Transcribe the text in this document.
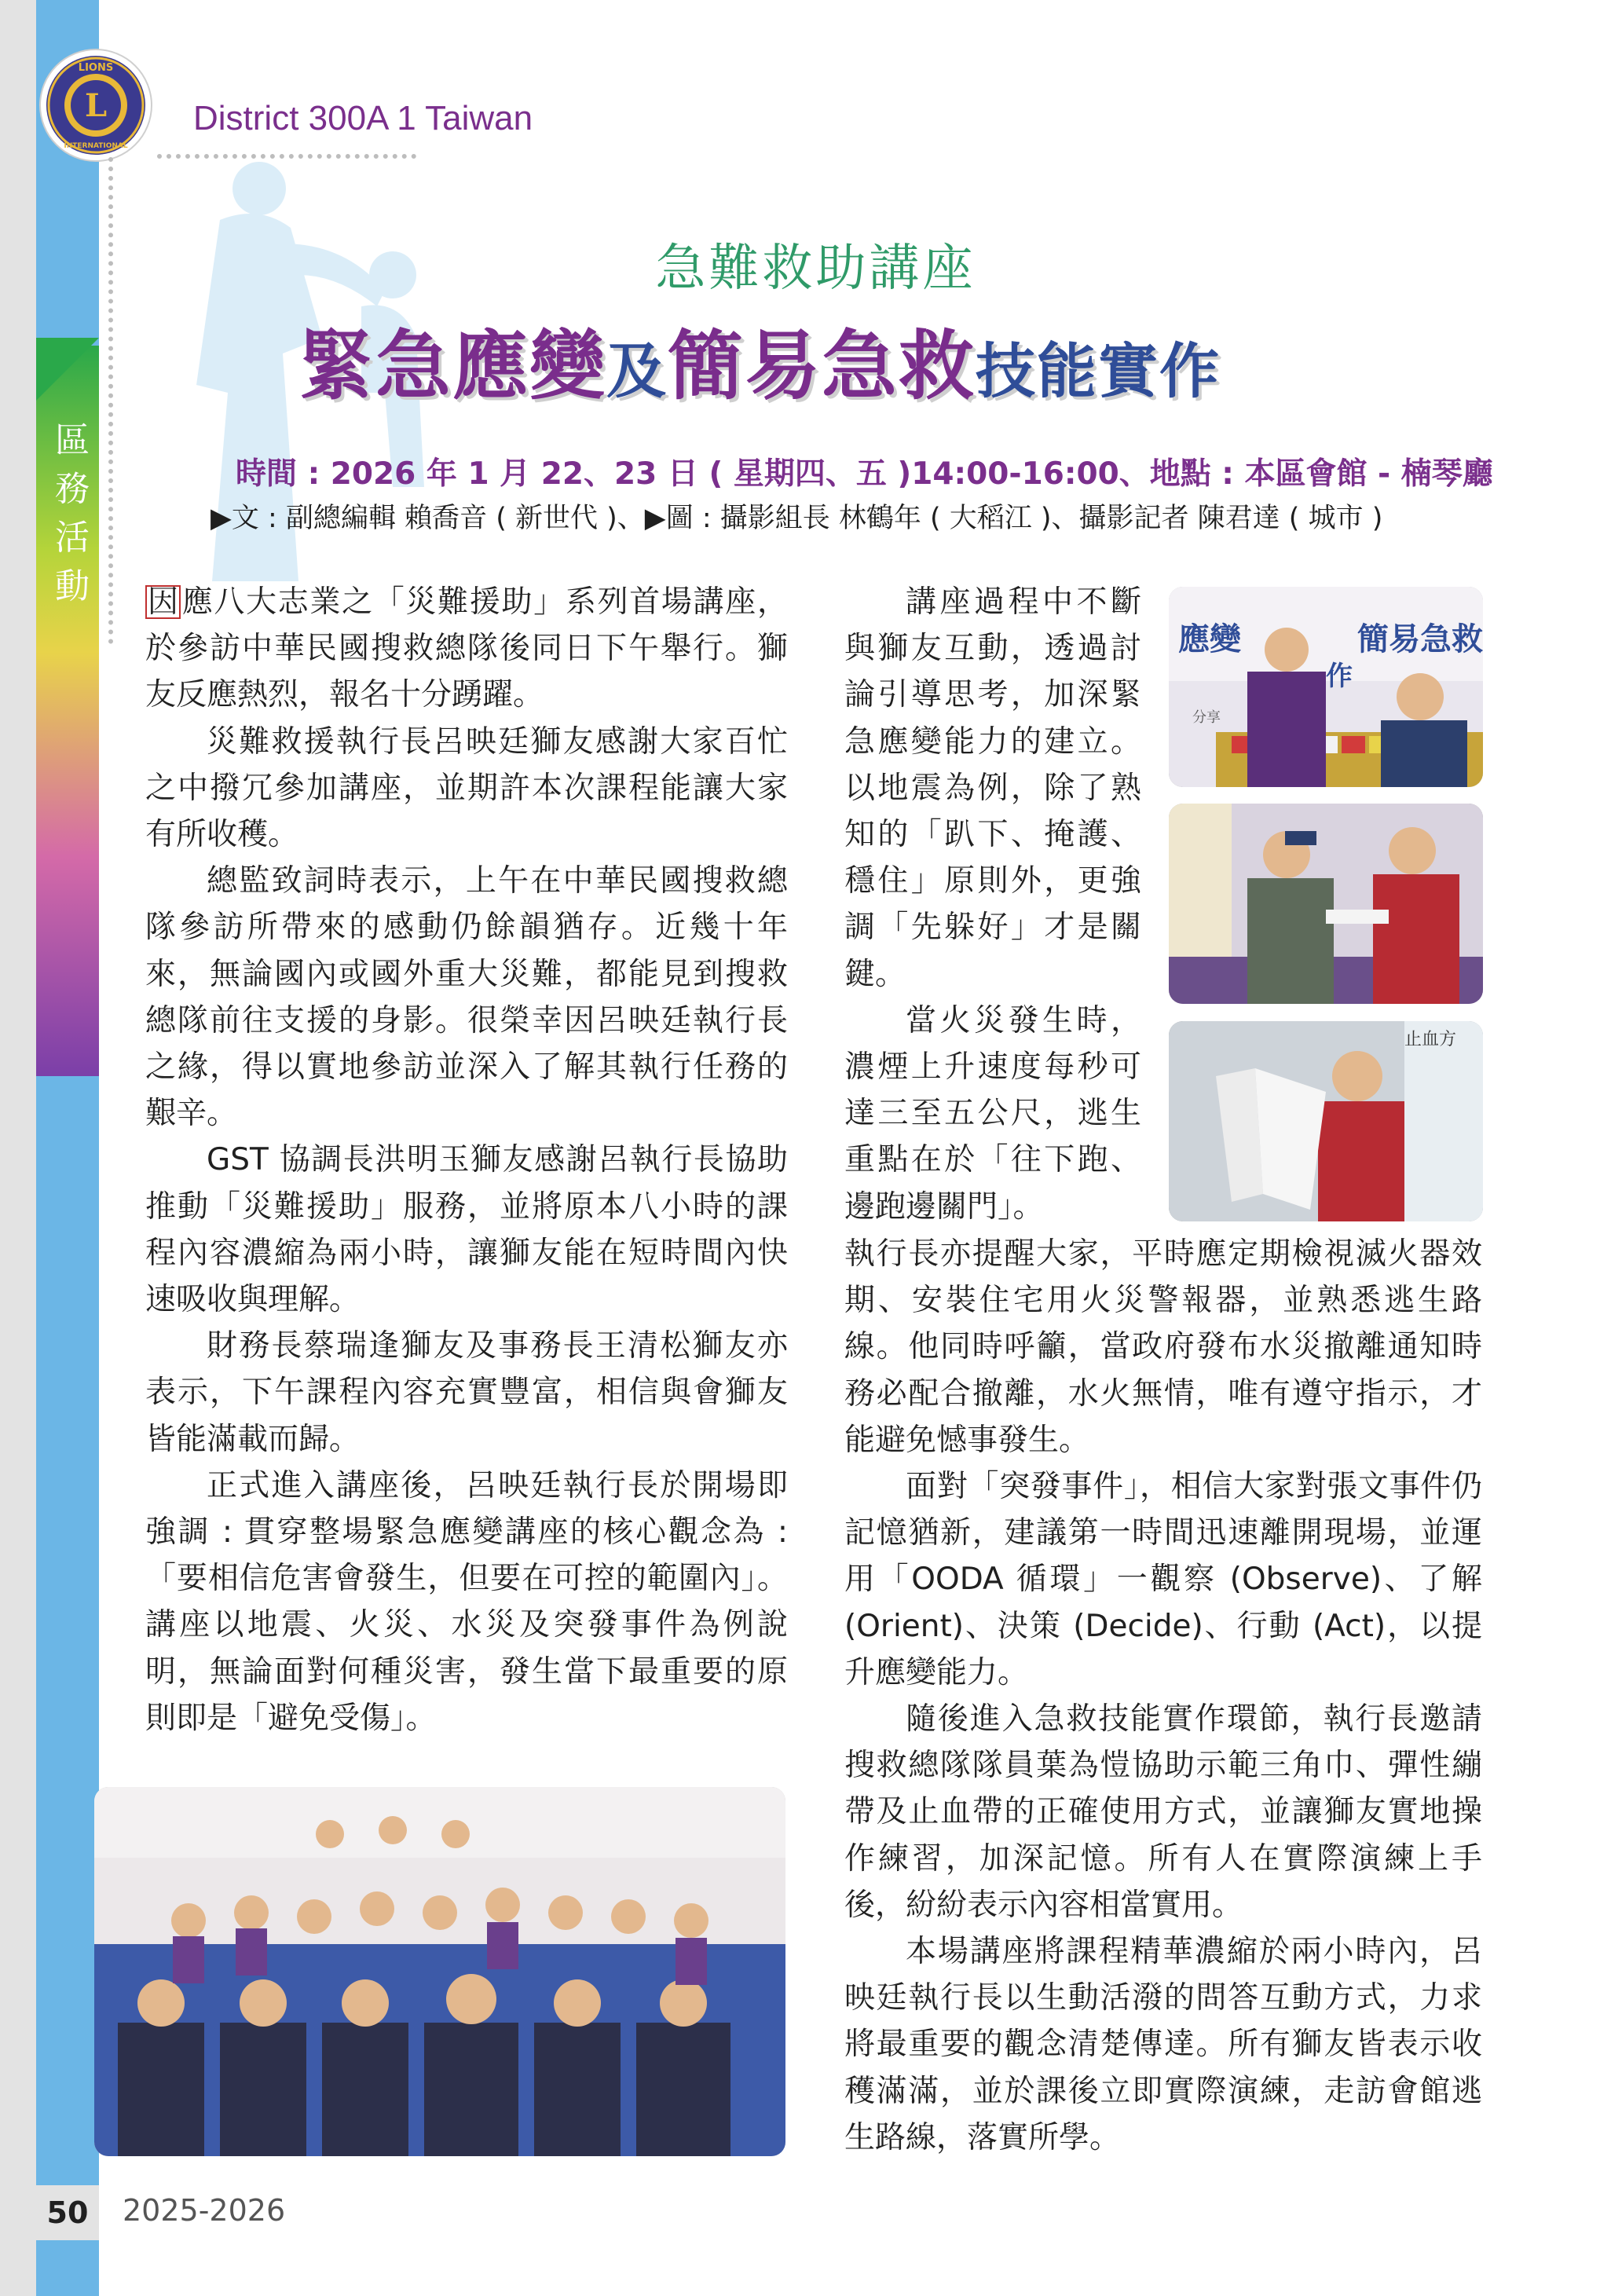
區務活動
L
LIONS
INTERNATIONAL
District 300A 1 Taiwan
急難救助講座
緊急應變及簡易急救技能實作
時間 : 2026 年 1 月 22、23 日 ( 星期四、五 )14:00-16:00、地點 : 本區會館 - 楠琴廳
▶文 : 副總編輯 賴喬音 ( 新世代 )、▶圖 : 攝影組長 林鶴年 ( 大稻江 )、攝影記者 陳君達 ( 城市 )

因應八大志業之「災難援助」系列首場講座，於參訪中華民國搜救總隊後同日下午舉行。獅友反應熱烈，報名十分踴躍。

災難救援執行長呂映廷獅友感謝大家百忙之中撥冗參加講座，並期許本次課程能讓大家有所收穫。

總監致詞時表示，上午在中華民國搜救總隊參訪所帶來的感動仍餘韻猶存。近幾十年來，無論國內或國外重大災難，都能見到搜救總隊前往支援的身影。很榮幸因呂映廷執行長之緣，得以實地參訪並深入了解其執行任務的艱辛。

GST 協調長洪明玉獅友感謝呂執行長協助推動「災難援助」服務，並將原本八小時的課程內容濃縮為兩小時，讓獅友能在短時間內快速吸收與理解。

財務長蔡瑞逢獅友及事務長王清松獅友亦表示，下午課程內容充實豐富，相信與會獅友皆能滿載而歸。

正式進入講座後，呂映廷執行長於開場即強調 : 貫穿整場緊急應變講座的核心觀念為 :「要相信危害會發生，但要在可控的範圍內」。講座以地震、火災、水災及突發事件為例說明，無論面對何種災害，發生當下最重要的原則即是「避免受傷」。

講座過程中不斷與獅友互動，透過討論引導思考，加深緊急應變能力的建立。以地震為例，除了熟知的「趴下、掩護、穩住」原則外，更強調「先躲好」才是關鍵。

當火災發生時，濃煙上升速度每秒可達三至五公尺，逃生重點在於「往下跑、邊跑邊關門」。

執行長亦提醒大家，平時應定期檢視滅火器效期、安裝住宅用火災警報器，並熟悉逃生路線。他同時呼籲，當政府發布水災撤離通知時務必配合撤離，水火無情，唯有遵守指示，才能避免憾事發生。

面對「突發事件」，相信大家對張文事件仍記憶猶新，建議第一時間迅速離開現場，並運用「OODA 循環」一觀察 (Observe)、了解 (Orient)、決策 (Decide)、行動 (Act)，以提升應變能力。

隨後進入急救技能實作環節，執行長邀請搜救總隊隊員葉為愷協助示範三角巾、彈性繃帶及止血帶的正確使用方式，並讓獅友實地操作練習，加深記憶。所有人在實際演練上手後，紛紛表示內容相當實用。

本場講座將課程精華濃縮於兩小時內，呂映廷執行長以生動活潑的問答互動方式，力求將最重要的觀念清楚傳達。所有獅友皆表示收穫滿滿，並於課後立即實際演練，走訪會館逃生路線，落實所學。

應變	簡易急救
作
分享
止血方
50	2025-2026
